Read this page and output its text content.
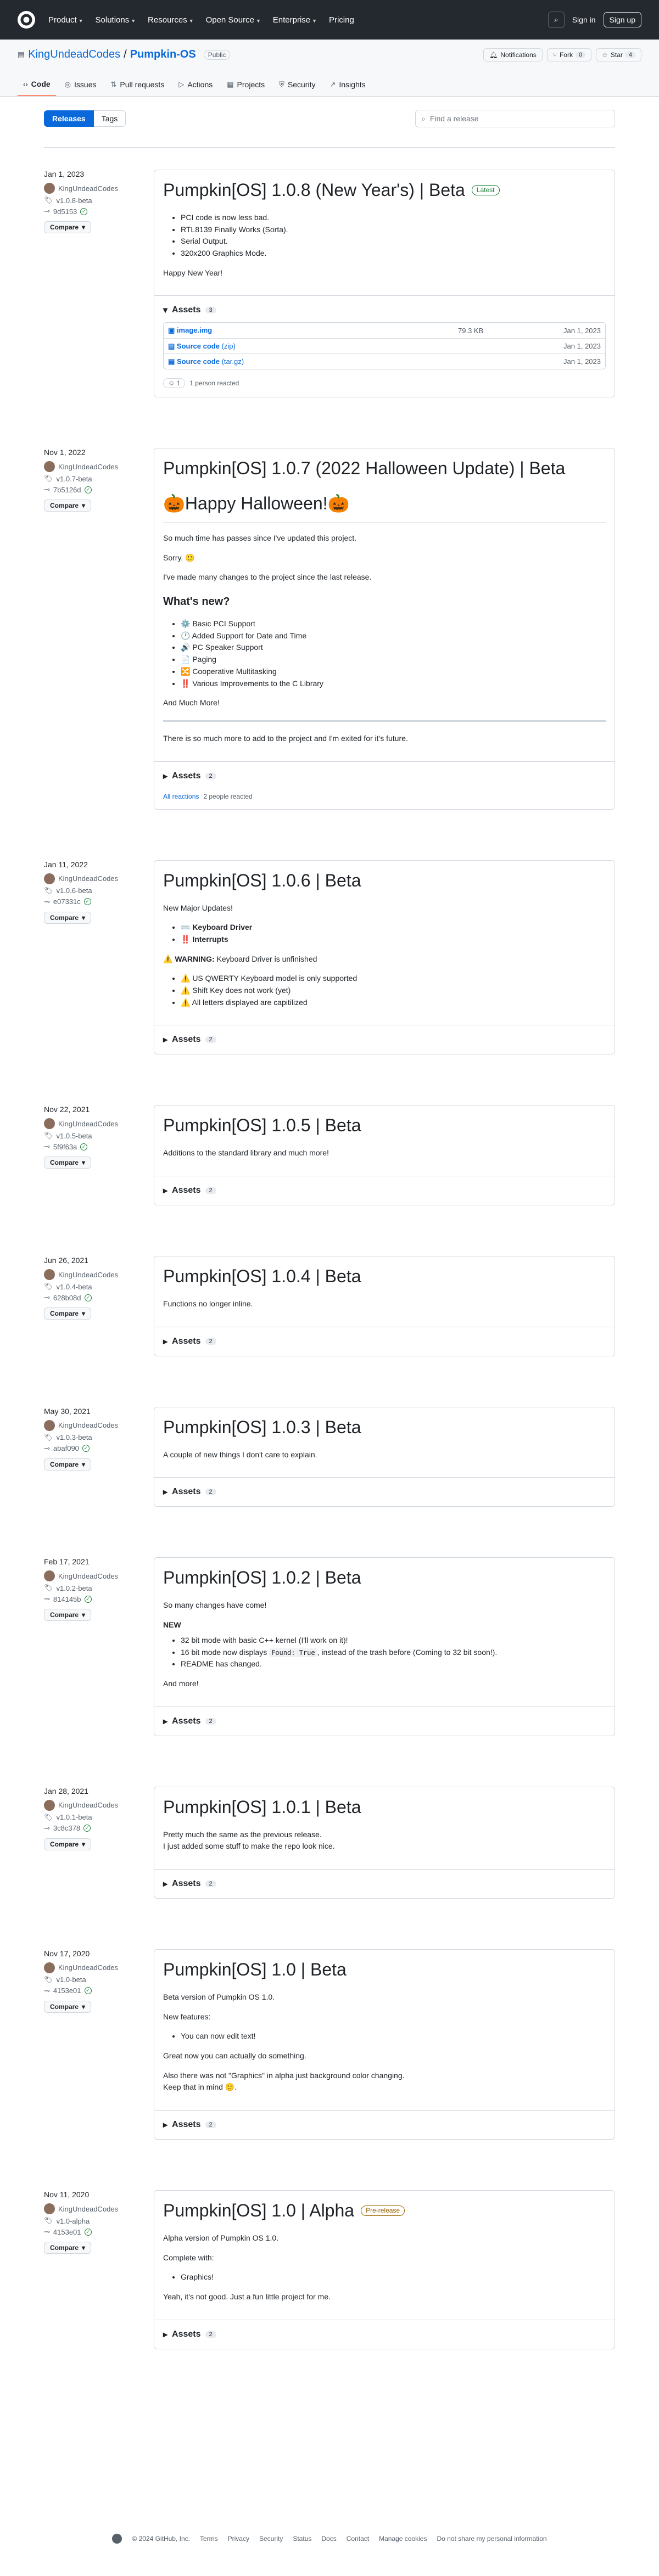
Product ▼ Solutions ▼ Resources ▼ Open Source ▼ Enterprise ▼ Pricing	⌕	Sign in	Sign up
▤ KingUndeadCodes / Pumpkin-OS	Public	🔔︎ Notifications	⑂ Fork	0	☆ Star	4
‹› Code ◎ Issues ⇅ Pull requests ▷ Actions ▦ Projects ⛨ Security ↗ Insights
Releases	Tags	⌕ Find a release
Jan 1, 2023
KingUndeadCodes
🏷︎ v1.0.8-beta
⊸ 9d5153 ✓
Compare ▾
Pumpkin[OS] 1.0.8 (New Year's) | Beta	Latest
• PCI code is now less bad.
• RTL8139 Finally Works (Sorta).
• Serial Output.
• 320x200 Graphics Mode.

Happy New Year!

▾ Assets	3
▣ image.img	79.3 KB	Jan 1, 2023
▤ Source code (zip)	Jan 1, 2023
▤ Source code (tar.gz)	Jan 1, 2023
☺ 1	1 person reacted
Nov 1, 2022
KingUndeadCodes
🏷︎ v1.0.7-beta
⊸ 7b5126d ✓
Compare ▾
Pumpkin[OS] 1.0.7 (2022 Halloween Update) | Beta
🎃Happy Halloween!🎃

So much time has passes since I've updated this project.

Sorry. 🙁

I've made many changes to the project since the last release.

What's new?
• ⚙️ Basic PCI Support
• 🕐 Added Support for Date and Time
• 🔊 PC Speaker Support
• 📄 Paging
• 🔀 Cooperative Multitasking
• ‼️ Various Improvements to the C Library

And Much More!

There is so much more to add to the project and I'm exited for it's future.

▸ Assets	2
All reactions 2 people reacted
Jan 11, 2022
KingUndeadCodes
🏷︎ v1.0.6-beta
⊸ e07331c ✓
Compare ▾
Pumpkin[OS] 1.0.6 | Beta

New Major Updates!

• ⌨️ Keyboard Driver
• ‼️ Interrupts

⚠️ WARNING: Keyboard Driver is unfinished

• ⚠️ US QWERTY Keyboard model is only supported
• ⚠️ Shift Key does not work (yet)
• ⚠️ All letters displayed are capitilized
▸ Assets	2
Nov 22, 2021
KingUndeadCodes
🏷︎ v1.0.5-beta
⊸ 5f9f63a ✓
Compare ▾
Pumpkin[OS] 1.0.5 | Beta

Additions to the standard library and much more!

▸ Assets	2
Jun 26, 2021
KingUndeadCodes
🏷︎ v1.0.4-beta
⊸ 628b08d ✓
Compare ▾
Pumpkin[OS] 1.0.4 | Beta

Functions no longer inline.

▸ Assets	2
May 30, 2021
KingUndeadCodes
🏷︎ v1.0.3-beta
⊸ abaf090 ✓
Compare ▾
Pumpkin[OS] 1.0.3 | Beta

A couple of new things I don't care to explain.

▸ Assets	2
Feb 17, 2021
KingUndeadCodes
🏷︎ v1.0.2-beta
⊸ 814145b ✓
Compare ▾
Pumpkin[OS] 1.0.2 | Beta

So many changes have come!

NEW

• 32 bit mode with basic C++ kernel (I'll work on it)!
• 16 bit mode now displays Found: True , instead of the trash before (Coming to 32 bit soon!).
• README has changed.

And more!

▸ Assets	2
Jan 28, 2021
KingUndeadCodes
🏷︎ v1.0.1-beta
⊸ 3c8c378 ✓
Compare ▾
Pumpkin[OS] 1.0.1 | Beta

Pretty much the same as the previous release.
I just added some stuff to make the repo look nice.

▸ Assets	2
Nov 17, 2020
KingUndeadCodes
🏷︎ v1.0-beta
⊸ 4153e01 ✓
Compare ▾
Pumpkin[OS] 1.0 | Beta

Beta version of Pumpkin OS 1.0.

New features:

• You can now edit text!

Great now you can actually do something.

Also there was not "Graphics" in alpha just background color changing.
Keep that in mind 🙂.

▸ Assets	2
Nov 11, 2020
KingUndeadCodes
🏷︎ v1.0-alpha
⊸ 4153e01 ✓
Compare ▾
Pumpkin[OS] 1.0 | Alpha	Pre-release

Alpha version of Pumpkin OS 1.0.

Complete with:

• Graphics!

Yeah, it's not good. Just a fun little project for me.

▸ Assets	2
© 2024 GitHub, Inc. Terms Privacy Security Status Docs Contact Manage cookies Do not share my personal information
